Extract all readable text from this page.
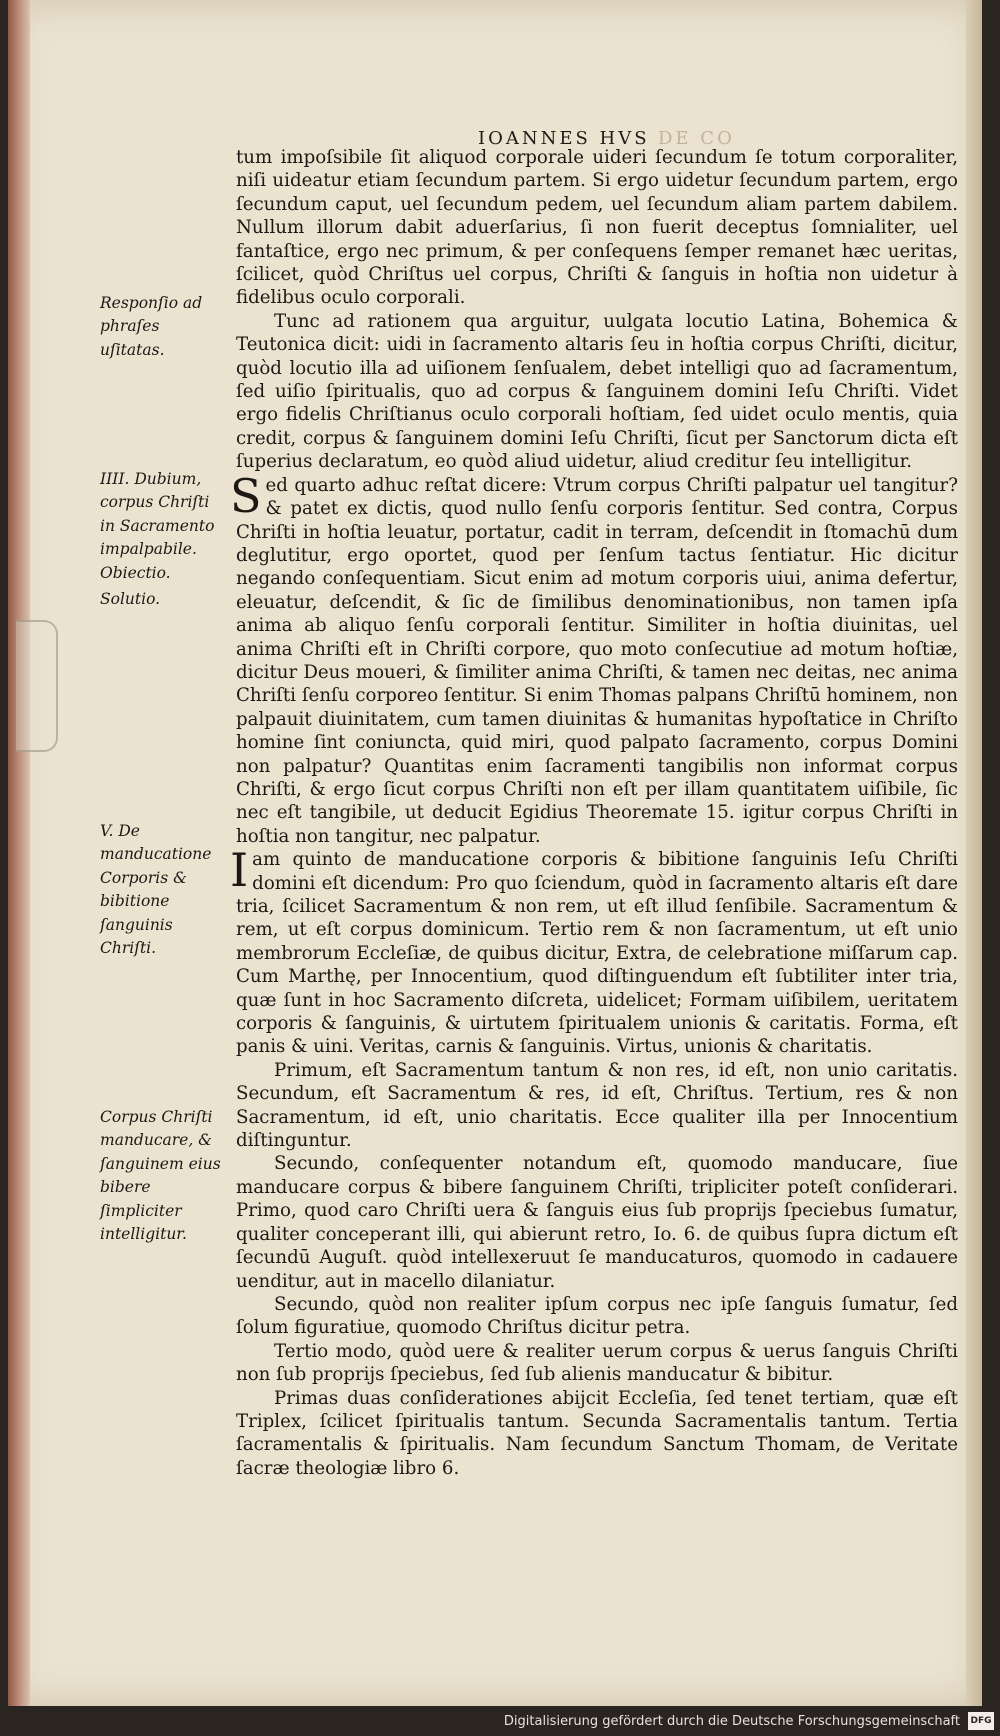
IOANNES HVS DE CO
Responſio ad phraſes uſitatas.
IIII. Dubium, corpus Chriſti in Sacramento impalpabile.
Obiectio.
Solutio.
V. De manducatione Corporis & bibitione ſanguinis Chriſti.
Corpus Chriſti manducare, & ſanguinem eius bibere ſimpliciter intelligitur.

tum impoſsibile ſit aliquod corporale uideri ſecundum ſe totum corporaliter, niſi uideatur etiam ſecundum partem. Si ergo uidetur ſecundum partem, ergo ſecundum caput, uel ſecundum pedem, uel ſecundum aliam partem dabilem. Nullum illorum dabit aduerſarius, ſi non fuerit deceptus ſomnialiter, uel fantaſtice, ergo nec primum, & per conſequens ſemper remanet hæc ueritas, ſcilicet, quòd Chriſtus uel corpus, Chriſti & ſanguis in hoſtia non uidetur à fidelibus oculo corporali.

Tunc ad rationem qua arguitur, uulgata locutio Latina, Bohemica & Teutonica dicit: uidi in ſacramento altaris ſeu in hoſtia corpus Chriſti, dicitur, quòd locutio illa ad uiſionem ſenſualem, debet intelligi quo ad ſacramentum, ſed uiſio ſpiritualis, quo ad corpus & ſanguinem domini Ieſu Chriſti. Videt ergo fidelis Chriſtianus oculo corporali hoſtiam, ſed uidet oculo mentis, quia credit, corpus & ſanguinem domini Ieſu Chriſti, ſicut per Sanctorum dicta eſt ſuperius declaratum, eo quòd aliud uidetur, aliud creditur ſeu intelligitur.

Sed quarto adhuc reſtat dicere: Vtrum corpus Chriſti palpatur uel tangitur? & patet ex dictis, quod nullo ſenſu corporis ſentitur. Sed contra, Corpus Chriſti in hoſtia leuatur, portatur, cadit in terram, deſcendit in ſtomachū dum deglutitur, ergo oportet, quod per ſenſum tactus ſentiatur. Hic dicitur negando conſequentiam. Sicut enim ad motum corporis uiui, anima defertur, eleuatur, deſcendit, & ſic de ſimilibus denominationibus, non tamen ipſa anima ab aliquo ſenſu corporali ſentitur. Similiter in hoſtia diuinitas, uel anima Chriſti eſt in Chriſti corpore, quo moto conſecutiue ad motum hoſtiæ, dicitur Deus moueri, & ſimiliter anima Chriſti, & tamen nec deitas, nec anima Chriſti ſenſu corporeo ſentitur. Si enim Thomas palpans Chriſtū hominem, non palpauit diuinitatem, cum tamen diuinitas & humanitas hypoſtatice in Chriſto homine ſint coniuncta, quid miri, quod palpato ſacramento, corpus Domini non palpatur? Quantitas enim ſacramenti tangibilis non informat corpus Chriſti, & ergo ſicut corpus Chriſti non eſt per illam quantitatem uiſibile, ſic nec eſt tangibile, ut deducit Egidius Theoremate 15. igitur corpus Chriſti in hoſtia non tangitur, nec palpatur.

Iam quinto de manducatione corporis & bibitione ſanguinis Ieſu Chriſti domini eſt dicendum: Pro quo ſciendum, quòd in ſacramento altaris eſt dare tria, ſcilicet Sacramentum & non rem, ut eſt illud ſenſibile. Sacramentum & rem, ut eſt corpus dominicum. Tertio rem & non ſacramentum, ut eſt unio membrorum Eccleſiæ, de quibus dicitur, Extra, de celebratione miſſarum cap. Cum Marthę, per Innocentium, quod diſtinguendum eſt ſubtiliter inter tria, quæ ſunt in hoc Sacramento diſcreta, uidelicet; Formam uiſibilem, ueritatem corporis & ſanguinis, & uirtutem ſpiritualem unionis & caritatis. Forma, eſt panis & uini. Veritas, carnis & ſanguinis. Virtus, unionis & charitatis.

Primum, eſt Sacramentum tantum & non res, id eſt, non unio caritatis. Secundum, eſt Sacramentum & res, id eſt, Chriſtus. Tertium, res & non Sacramentum, id eſt, unio charitatis. Ecce qualiter illa per Innocentium diſtinguntur.

Secundo, conſequenter notandum eſt, quomodo manducare, ſiue manducare corpus & bibere ſanguinem Chriſti, tripliciter poteſt conſiderari. Primo, quod caro Chriſti uera & ſanguis eius ſub proprijs ſpeciebus ſumatur, qualiter conceperant illi, qui abierunt retro, Io. 6. de quibus ſupra dictum eſt ſecundū Auguſt. quòd intellexeruut ſe manducaturos, quomodo in cadauere uenditur, aut in macello dilaniatur.

Secundo, quòd non realiter ipſum corpus nec ipſe ſanguis ſumatur, ſed ſolum figuratiue, quomodo Chriſtus dicitur petra.

Tertio modo, quòd uere & realiter uerum corpus & uerus ſanguis Chriſti non ſub proprijs ſpeciebus, ſed ſub alienis manducatur & bibitur.

Primas duas conſiderationes abijcit Eccleſia, ſed tenet tertiam, quæ eſt Triplex, ſcilicet ſpiritualis tantum. Secunda Sacramentalis tantum. Tertia ſacramentalis & ſpiritualis. Nam ſecundum Sanctum Thomam, de Veritate ſacræ theologiæ libro 6.

Digitalisierung gefördert durch die Deutsche Forschungsgemeinschaft DFG
